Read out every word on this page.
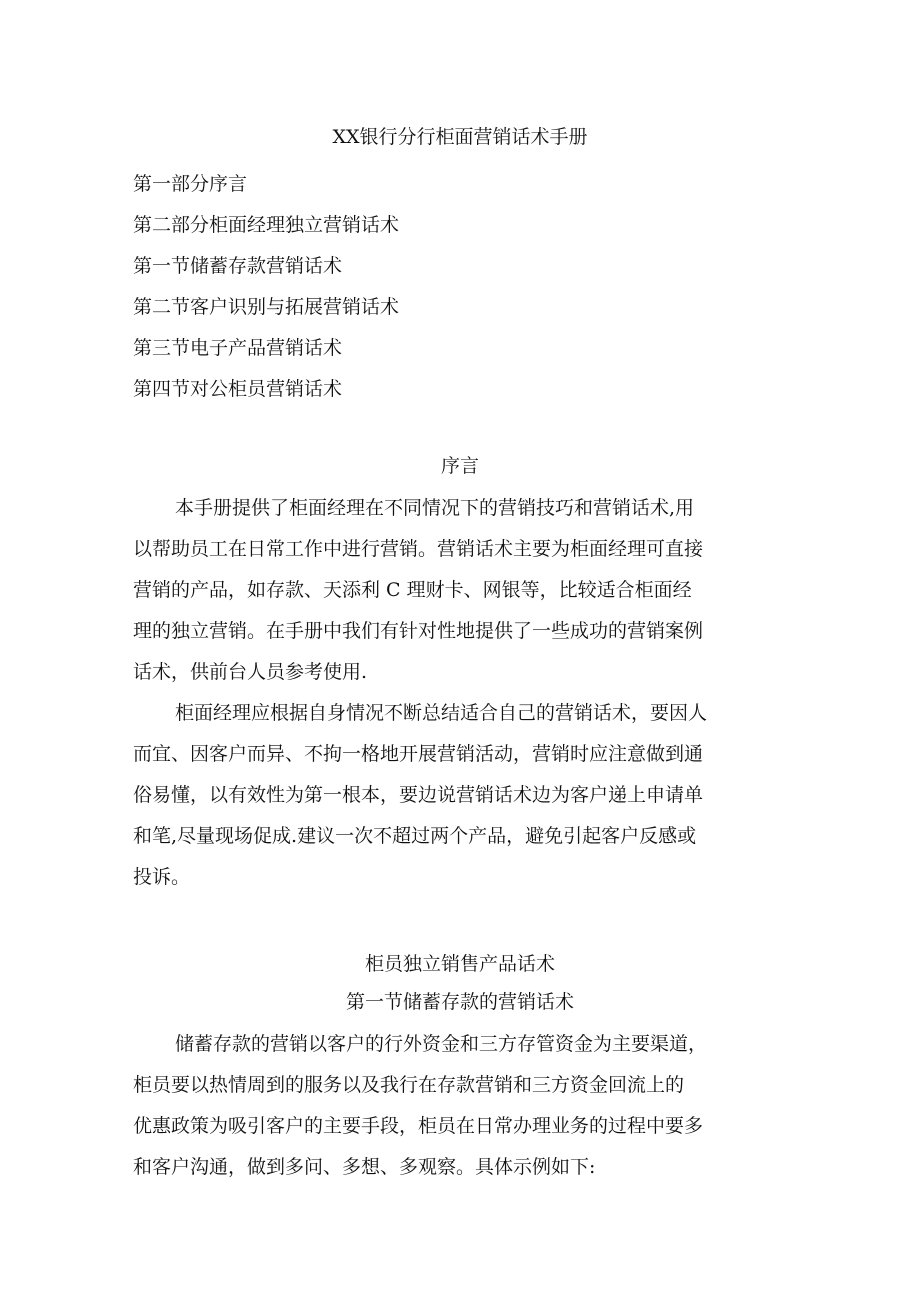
XX银行分行柜面营销话术手册
第一部分序言
第二部分柜面经理独立营销话术
第一节储蓄存款营销话术
第二节客户识别与拓展营销话术
第三节电子产品营销话术
第四节对公柜员营销话术
序言
本手册提供了柜面经理在不同情况下的营销技巧和营销话术,用
以帮助员工在日常工作中进行营销。营销话术主要为柜面经理可直接
营销的产品，如存款、天添利 C 理财卡、网银等，比较适合柜面经
理的独立营销。在手册中我们有针对性地提供了一些成功的营销案例
话术，供前台人员参考使用.
柜面经理应根据自身情况不断总结适合自己的营销话术，要因人
而宜、因客户而异、不拘一格地开展营销活动，营销时应注意做到通
俗易懂，以有效性为第一根本，要边说营销话术边为客户递上申请单
和笔,尽量现场促成.建议一次不超过两个产品，避免引起客户反感或
投诉。
柜员独立销售产品话术
第一节储蓄存款的营销话术
储蓄存款的营销以客户的行外资金和三方存管资金为主要渠道，
柜员要以热情周到的服务以及我行在存款营销和三方资金回流上的
优惠政策为吸引客户的主要手段，柜员在日常办理业务的过程中要多
和客户沟通，做到多问、多想、多观察。具体示例如下:
